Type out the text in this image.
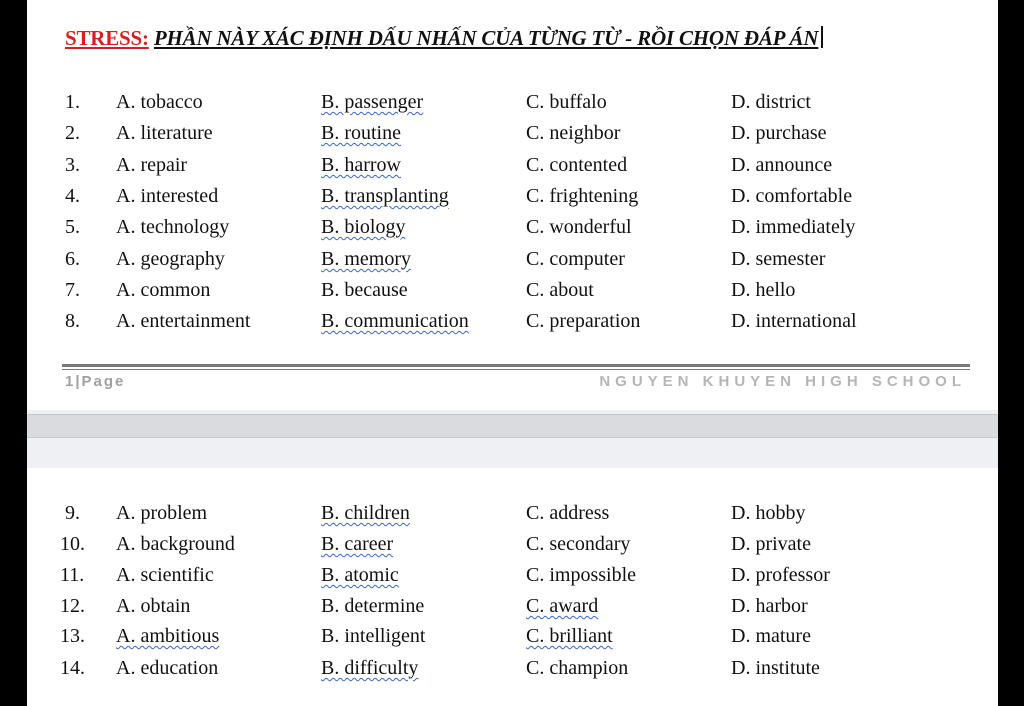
STRESS: PHẦN NÀY XÁC ĐỊNH DẤU NHẤN CỦA TỪNG TỪ - RỒI CHỌN ĐÁP ÁN
1. A. tobacco	B. passenger	C. buffalo	D. district
2. A. literature	B. routine	C. neighbor	D. purchase
3. A. repair	B. harrow	C. contented	D. announce
4. A. interested	B. transplanting	C. frightening	D. comfortable
5. A. technology	B. biology	C. wonderful	D. immediately
6. A. geography	B. memory	C. computer	D. semester
7. A. common	B. because	C. about	D. hello
8. A. entertainment	B. communication	C. preparation	D. international
1|Page	NGUYEN KHUYEN HIGH SCHOOL
9. A. problem	B. children	C. address	D. hobby
10. A. background	B. career	C. secondary	D. private
11. A. scientific	B. atomic	C. impossible	D. professor
12. A. obtain	B. determine	C. award	D. harbor
13. A. ambitious	B. intelligent	C. brilliant	D. mature
14. A. education	B. difficulty	C. champion	D. institute
